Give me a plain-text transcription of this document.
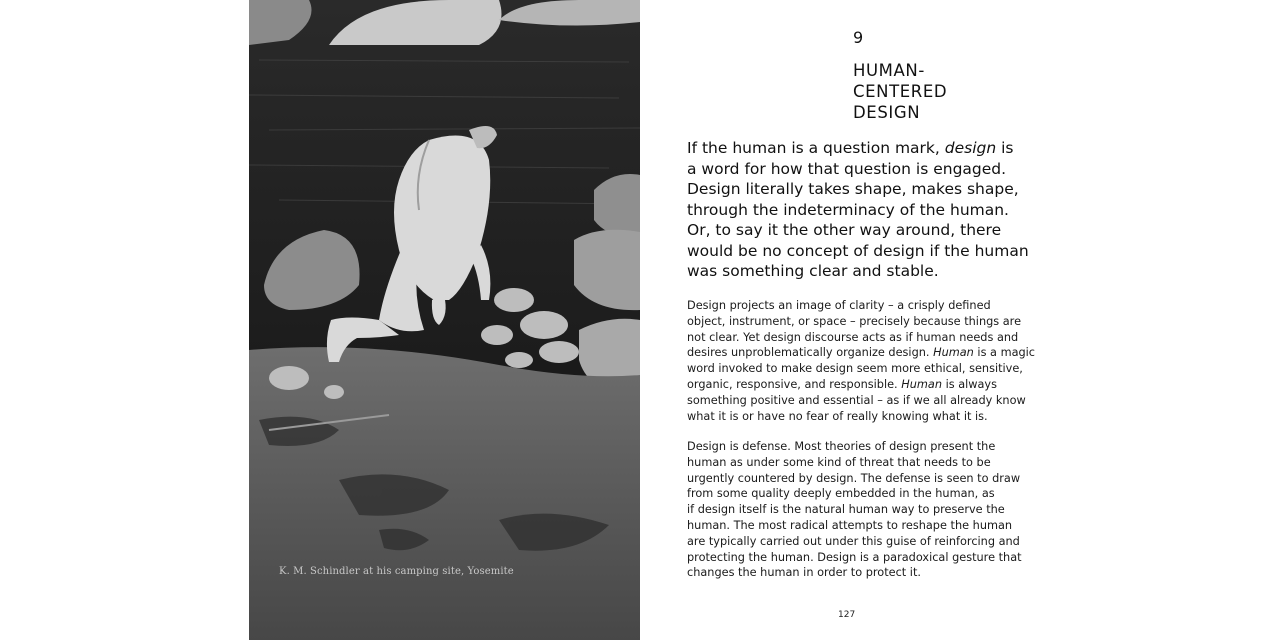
K. M. Schindler at his camping site, Yosemite
9
HUMAN-
CENTERED
DESIGN
If the human is a question mark, design is
a word for how that question is engaged.
Design literally takes shape, makes shape,
through the indeterminacy of the human.
Or, to say it the other way around, there
would be no concept of design if the human
was something clear and stable.
Design projects an image of clarity – a crisply defined
object, instrument, or space – precisely because things are
not clear. Yet design discourse acts as if human needs and
desires unproblematically organize design. Human is a magic
word invoked to make design seem more ethical, sensitive,
organic, responsive, and responsible. Human is always
something positive and essential – as if we all already know
what it is or have no fear of really knowing what it is.
Design is defense. Most theories of design present the
human as under some kind of threat that needs to be
urgently countered by design. The defense is seen to draw
from some quality deeply embedded in the human, as
if design itself is the natural human way to preserve the
human. The most radical attempts to reshape the human
are typically carried out under this guise of reinforcing and
protecting the human. Design is a paradoxical gesture that
changes the human in order to protect it.
127
